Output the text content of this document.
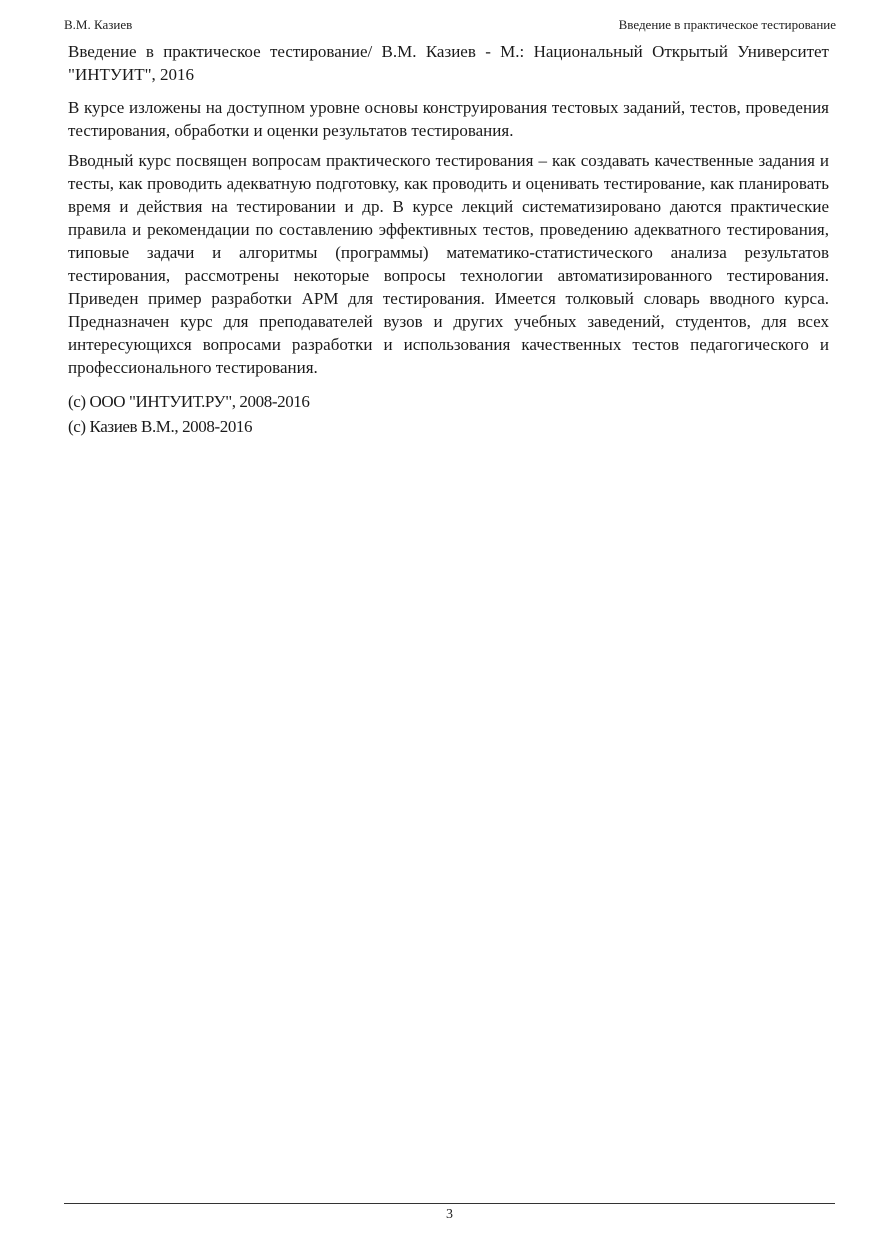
В.М. Казиев	Введение в практическое тестирование

Введение в практическое тестирование/ В.М. Казиев - М.: Национальный Открытый Университет "ИНТУИТ", 2016

В курсе изложены на доступном уровне основы конструирования тестовых заданий, тестов, проведения тестирования, обработки и оценки результатов тестирования.

Вводный курс посвящен вопросам практического тестирования – как создавать качественные задания и тесты, как проводить адекватную подготовку, как проводить и оценивать тестирование, как планировать время и действия на тестировании и др. В курсе лекций систематизировано даются практические правила и рекомендации по составлению эффективных тестов, проведению адекватного тестирования, типовые задачи и алгоритмы (программы) математико-статистического анализа результатов тестирования, рассмотрены некоторые вопросы технологии автоматизированного тестирования. Приведен пример разработки АРМ для тестирования. Имеется толковый словарь вводного курса. Предназначен курс для преподавателей вузов и других учебных заведений, студентов, для всех интересующихся вопросами разработки и использования качественных тестов педагогического и профессионального тестирования.

(c) ООО "ИНТУИТ.РУ", 2008-2016

(c) Казиев В.М., 2008-2016

3
